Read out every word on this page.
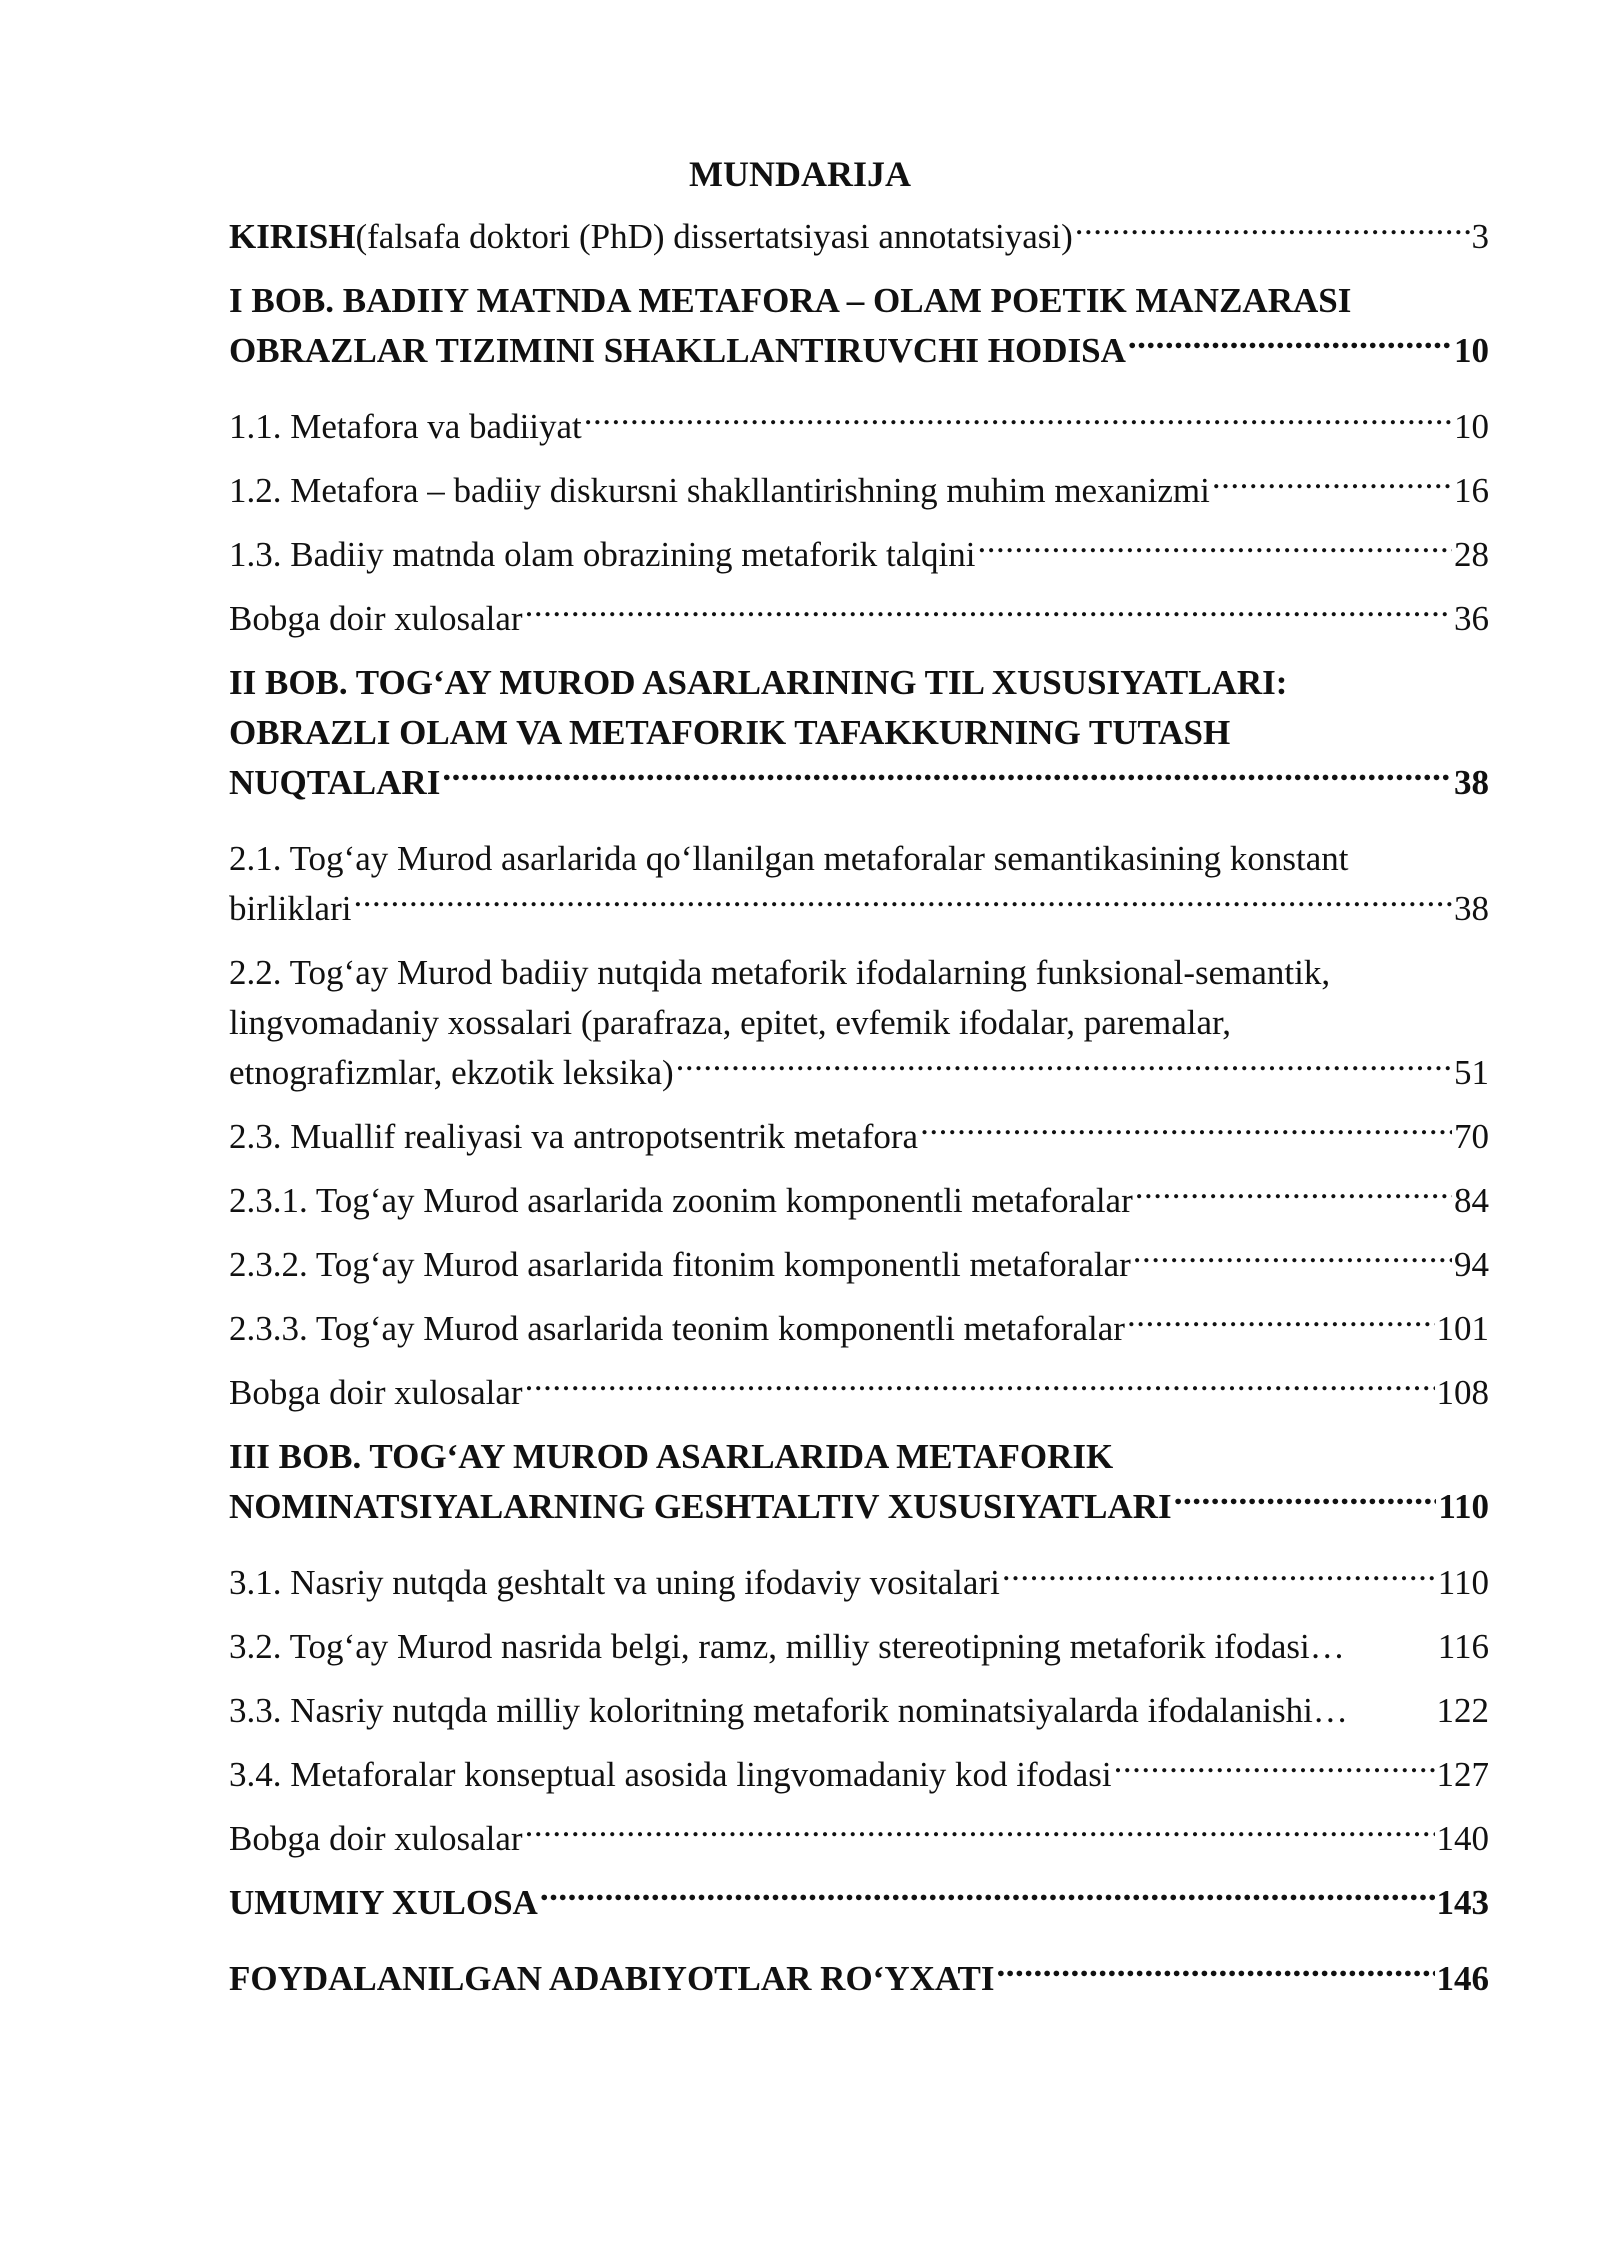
MUNDARIJA
KIRISH (falsafa doktori (PhD) dissertatsiyasi annotatsiyasi) .....	3
I BOB. BADIIY MATNDA METAFORA – OLAM POETIK MANZARASI
OBRAZLAR TIZIMINI SHAKLLANTIRUVCHI HODISA .....	10
1.1. Metafora va badiiyat .....	10
1.2. Metafora – badiiy diskursni shakllantirishning muhim mexanizmi .....	16
1.3. Badiiy matnda olam obrazining metaforik talqini .....	28
Bobga doir xulosalar .....	36
II BOB. TOG‘AY MUROD ASARLARINING TIL XUSUSIYATLARI:
OBRAZLI OLAM VA METAFORIK TAFAKKURNING TUTASH
NUQTALARI .....	38
2.1. Tog‘ay Murod asarlarida qo‘llanilgan metaforalar semantikasining konstant
birliklari .....	38
2.2. Tog‘ay Murod badiiy nutqida metaforik ifodalarning funksional-semantik,
lingvomadaniy xossalari (parafraza, epitet, evfemik ifodalar, paremalar,
etnografizmlar, ekzotik leksika) .....	51
2.3. Muallif realiyasi va antropotsentrik metafora .....	70
2.3.1. Tog‘ay Murod asarlarida zoonim komponentli metaforalar .....	84
2.3.2. Tog‘ay Murod asarlarida fitonim komponentli metaforalar .....	94
2.3.3. Tog‘ay Murod asarlarida teonim komponentli metaforalar .....	101
Bobga doir xulosalar .....	108
III BOB. TOG‘AY MUROD ASARLARIDA METAFORIK
NOMINATSIYALARNING GESHTALTIV XUSUSIYATLARI .....	110
3.1. Nasriy nutqda geshtalt va uning ifodaviy vositalari .....	110
3.2. Tog‘ay Murod nasrida belgi, ramz, milliy stereotipning metaforik ifodasi…	116
3.3. Nasriy nutqda milliy koloritning metaforik nominatsiyalarda ifodalanishi…	122
3.4. Metaforalar konseptual asosida lingvomadaniy kod ifodasi .....	127
Bobga doir xulosalar .....	140
UMUMIY XULOSA .....	143
FOYDALANILGAN ADABIYOTLAR RO‘YXATI .....	146
